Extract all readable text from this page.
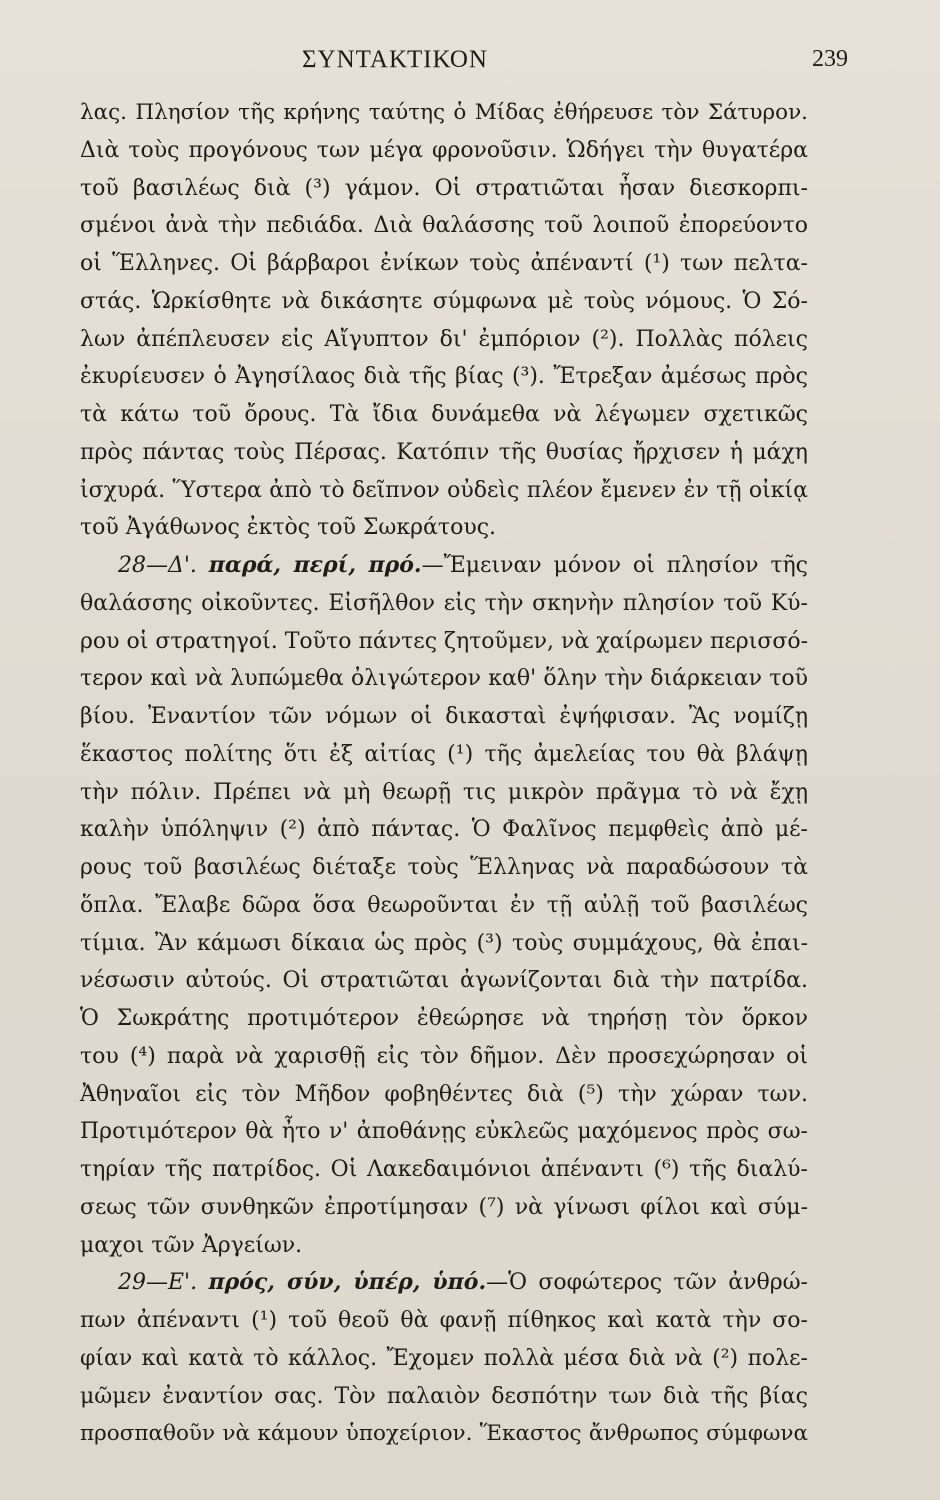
ΣΥΝΤΑΚΤΙΚΟΝ	239
λας. Πλησίον τῆς κρήνης ταύτης ὁ Μίδας ἐθήρευσε τὸν Σάτυρον.
Διὰ τοὺς προγόνους των μέγα φρονοῦσιν. Ὡδήγει τὴν θυγατέρα
τοῦ βασιλέως διὰ (³) γάμον. Οἱ στρατιῶται ἦσαν διεσκορπι-
σμένοι ἀνὰ τὴν πεδιάδα. Διὰ θαλάσσης τοῦ λοιποῦ ἐπορεύοντο
οἱ Ἕλληνες. Οἱ βάρβαροι ἐνίκων τοὺς ἀπέναντί (¹) των πελτα-
στάς. Ὡρκίσθητε νὰ δικάσητε σύμφωνα μὲ τοὺς νόμους. Ὁ Σό-
λων ἀπέπλευσεν εἰς Αἴγυπτον δι' ἐμπόριον (²). Πολλὰς πόλεις
ἐκυρίευσεν ὁ Ἀγησίλαος διὰ τῆς βίας (³). Ἔτρεξαν ἀμέσως πρὸς
τὰ κάτω τοῦ ὄρους. Τὰ ἴδια δυνάμεθα νὰ λέγωμεν σχετικῶς
πρὸς πάντας τοὺς Πέρσας. Κατόπιν τῆς θυσίας ἤρχισεν ἡ μάχη
ἰσχυρά. Ὕστερα ἀπὸ τὸ δεῖπνον οὐδεὶς πλέον ἔμενεν ἐν τῇ οἰκίᾳ
τοῦ Ἀγάθωνος ἐκτὸς τοῦ Σωκράτους.
28—Δ'. παρά, περί, πρό.—Ἔμειναν μόνον οἱ πλησίον τῆς
θαλάσσης οἰκοῦντες. Εἰσῆλθον εἰς τὴν σκηνὴν πλησίον τοῦ Κύ-
ρου οἱ στρατηγοί. Τοῦτο πάντες ζητοῦμεν, νὰ χαίρωμεν περισσό-
τερον καὶ νὰ λυπώμεθα ὀλιγώτερον καθ' ὅλην τὴν διάρκειαν τοῦ
βίου. Ἐναντίον τῶν νόμων οἱ δικασταὶ ἐψήφισαν. Ἂς νομίζῃ
ἕκαστος πολίτης ὅτι ἐξ αἰτίας (¹) τῆς ἀμελείας του θὰ βλάψῃ
τὴν πόλιν. Πρέπει νὰ μὴ θεωρῇ τις μικρὸν πρᾶγμα τὸ νὰ ἔχῃ
καλὴν ὑπόληψιν (²) ἀπὸ πάντας. Ὁ Φαλῖνος πεμφθεὶς ἀπὸ μέ-
ρους τοῦ βασιλέως διέταξε τοὺς Ἕλληνας νὰ παραδώσουν τὰ
ὅπλα. Ἔλαβε δῶρα ὅσα θεωροῦνται ἐν τῇ αὐλῇ τοῦ βασιλέως
τίμια. Ἂν κάμωσι δίκαια ὡς πρὸς (³) τοὺς συμμάχους, θὰ ἐπαι-
νέσωσιν αὐτούς. Οἱ στρατιῶται ἀγωνίζονται διὰ τὴν πατρίδα.
Ὁ Σωκράτης προτιμότερον ἐθεώρησε νὰ τηρήσῃ τὸν ὅρκον
του (⁴) παρὰ νὰ χαρισθῇ εἰς τὸν δῆμον. Δὲν προσεχώρησαν οἱ
Ἀθηναῖοι εἰς τὸν Μῆδον φοβηθέντες διὰ (⁵) τὴν χώραν των.
Προτιμότερον θὰ ἦτο ν' ἀποθάνῃς εὐκλεῶς μαχόμενος πρὸς σω-
τηρίαν τῆς πατρίδος. Οἱ Λακεδαιμόνιοι ἀπέναντι (⁶) τῆς διαλύ-
σεως τῶν συνθηκῶν ἐπροτίμησαν (⁷) νὰ γίνωσι φίλοι καὶ σύμ-
μαχοι τῶν Ἀργείων.
29—Ε'. πρός, σύν, ὑπέρ, ὑπό.—Ὁ σοφώτερος τῶν ἀνθρώ-
πων ἀπέναντι (¹) τοῦ θεοῦ θὰ φανῇ πίθηκος καὶ κατὰ τὴν σο-
φίαν καὶ κατὰ τὸ κάλλος. Ἔχομεν πολλὰ μέσα διὰ νὰ (²) πολε-
μῶμεν ἐναντίον σας. Τὸν παλαιὸν δεσπότην των διὰ τῆς βίας
προσπαθοῦν νὰ κάμουν ὑποχείριον. Ἕκαστος ἄνθρωπος σύμφωνα
